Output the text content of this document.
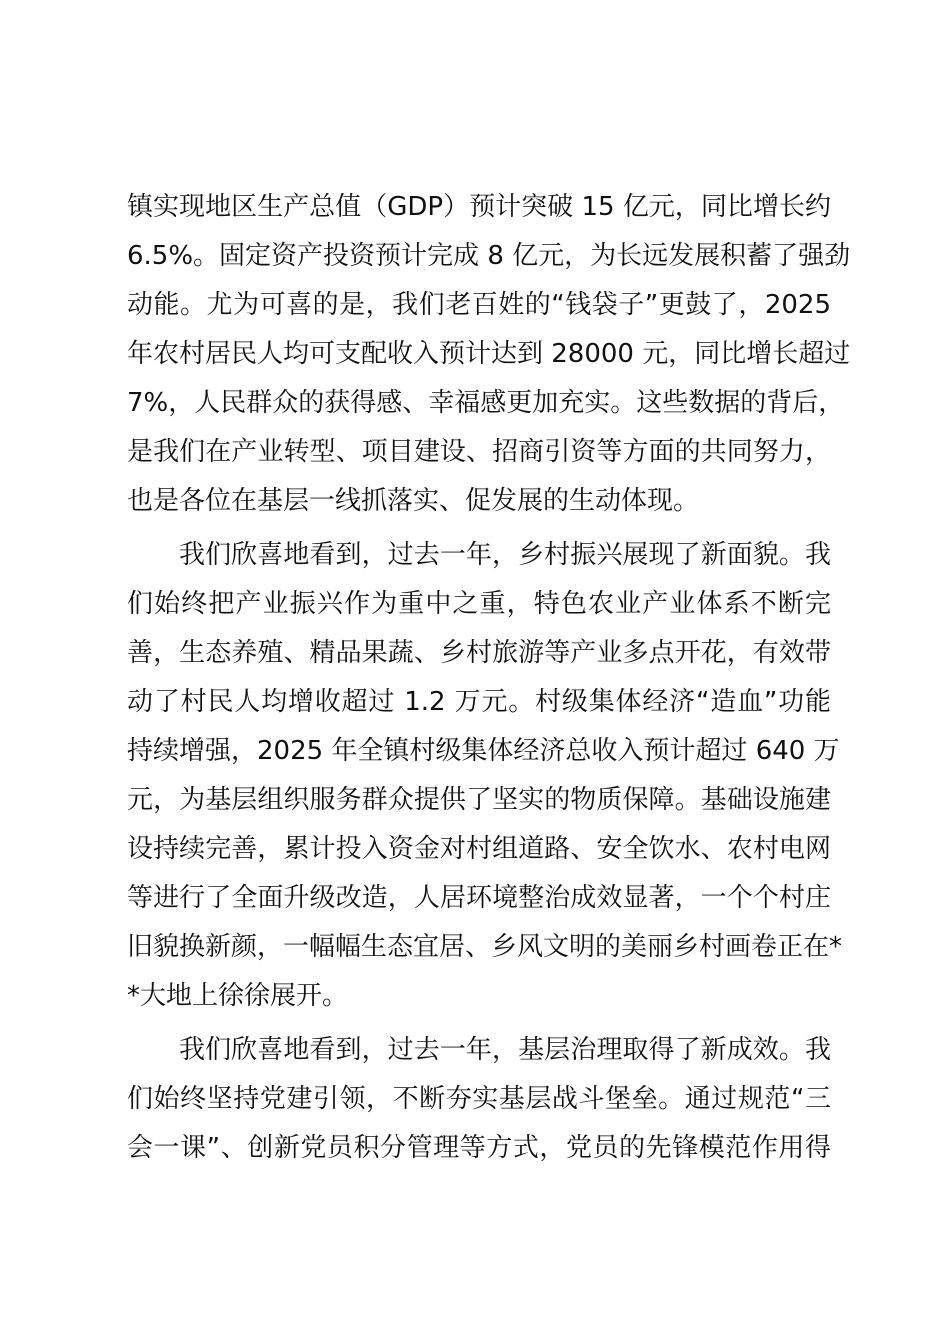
镇实现地区生产总值（GDP）预计突破 15 亿元，同比增长约
6.5%。固定资产投资预计完成 8 亿元，为长远发展积蓄了强劲
动能。尤为可喜的是，我们老百姓的“钱袋子”更鼓了，2025
年农村居民人均可支配收入预计达到 28000 元，同比增长超过
7%，人民群众的获得感、幸福感更加充实。这些数据的背后，
是我们在产业转型、项目建设、招商引资等方面的共同努力，
也是各位在基层一线抓落实、促发展的生动体现。
我们欣喜地看到，过去一年，乡村振兴展现了新面貌。我
们始终把产业振兴作为重中之重，特色农业产业体系不断完
善，生态养殖、精品果蔬、乡村旅游等产业多点开花，有效带
动了村民人均增收超过 1.2 万元。村级集体经济“造血”功能
持续增强，2025 年全镇村级集体经济总收入预计超过 640 万
元，为基层组织服务群众提供了坚实的物质保障。基础设施建
设持续完善，累计投入资金对村组道路、安全饮水、农村电网
等进行了全面升级改造，人居环境整治成效显著，一个个村庄
旧貌换新颜，一幅幅生态宜居、乡风文明的美丽乡村画卷正在*
*大地上徐徐展开。
我们欣喜地看到，过去一年，基层治理取得了新成效。我
们始终坚持党建引领，不断夯实基层战斗堡垒。通过规范“三
会一课”、创新党员积分管理等方式，党员的先锋模范作用得
